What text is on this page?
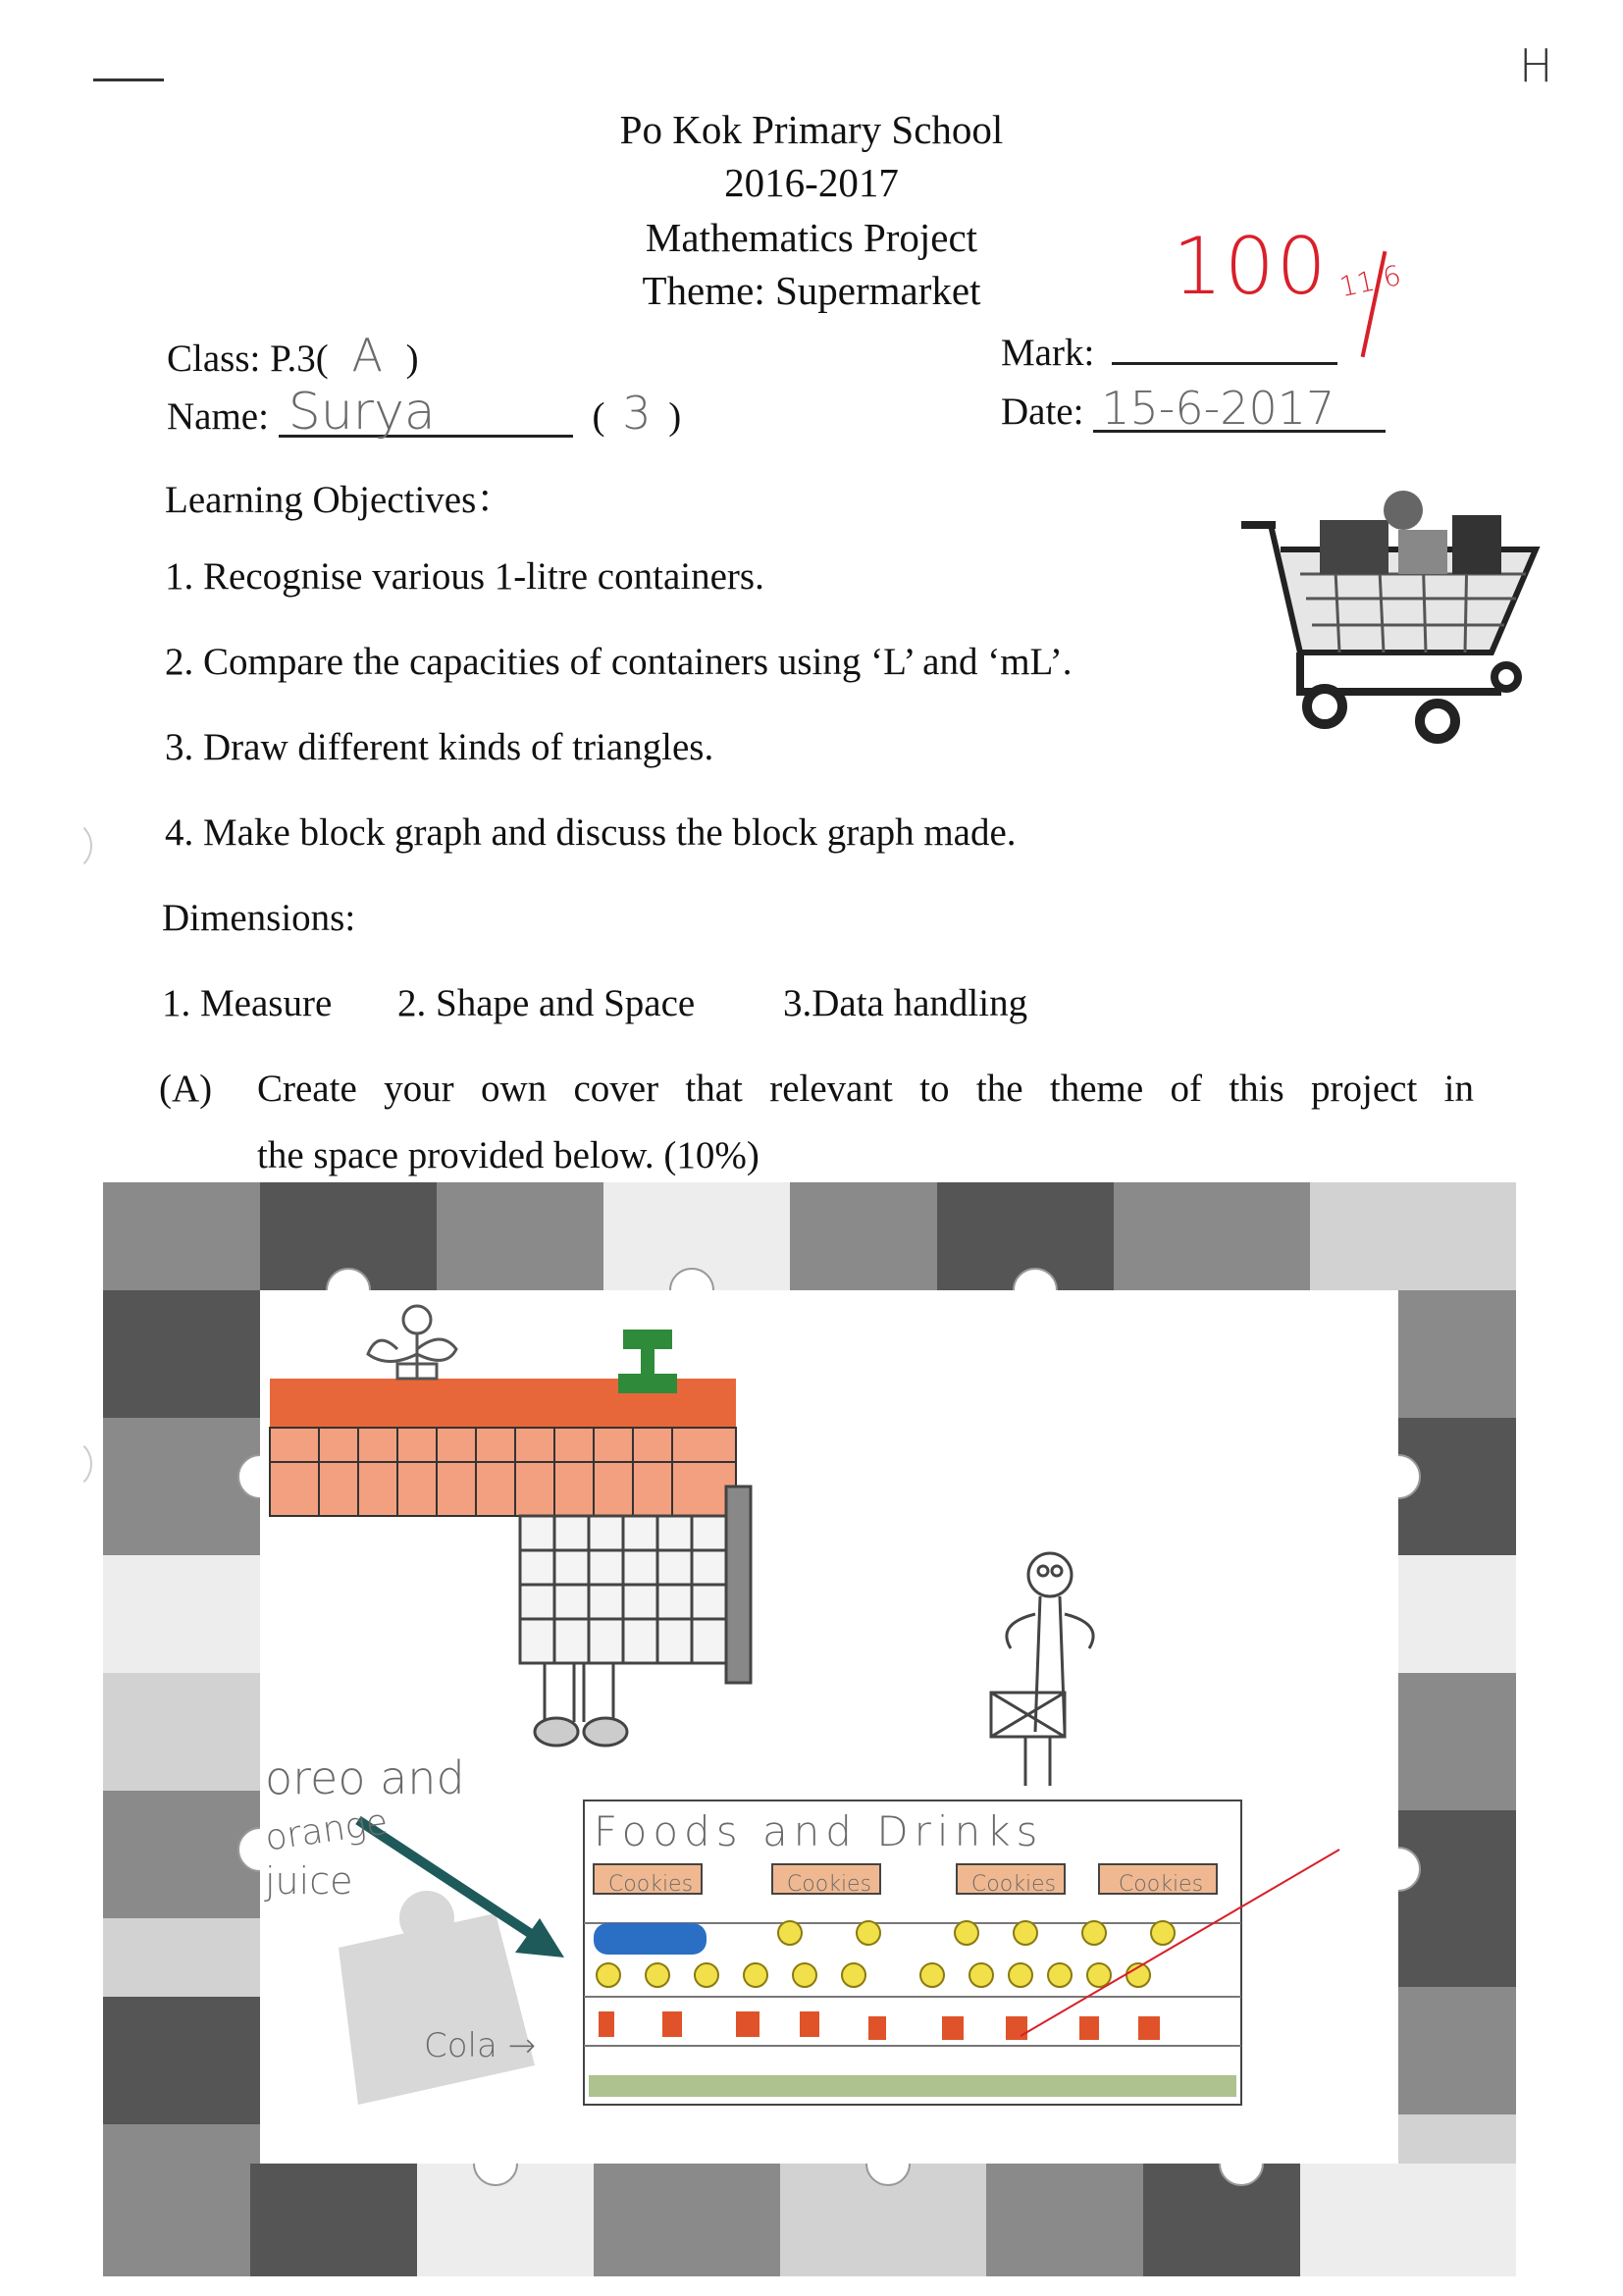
H
Po Kok Primary School
2016-2017
Mathematics Project
Theme: Supermarket	100 11/6
Class: P.3( A )
Name: Surya	( 3 )
Mark:
Date: 15-6-2017
Learning Objectives：
1. Recognise various 1-litre containers.
2. Compare the capacities of containers using ‘L’ and ‘mL’.
3. Draw different kinds of triangles.
4. Make block graph and discuss the block graph made.
Dimensions:
1. Measure 2. Shape and Space 3.Data handling
(A) Create your own cover that relevant to the theme of this project in
the space provided below. (10%)
oreo and
orange
juice
Cola →
Foods and Drinks
Cookies	Cookies	Cookies	Cookies
